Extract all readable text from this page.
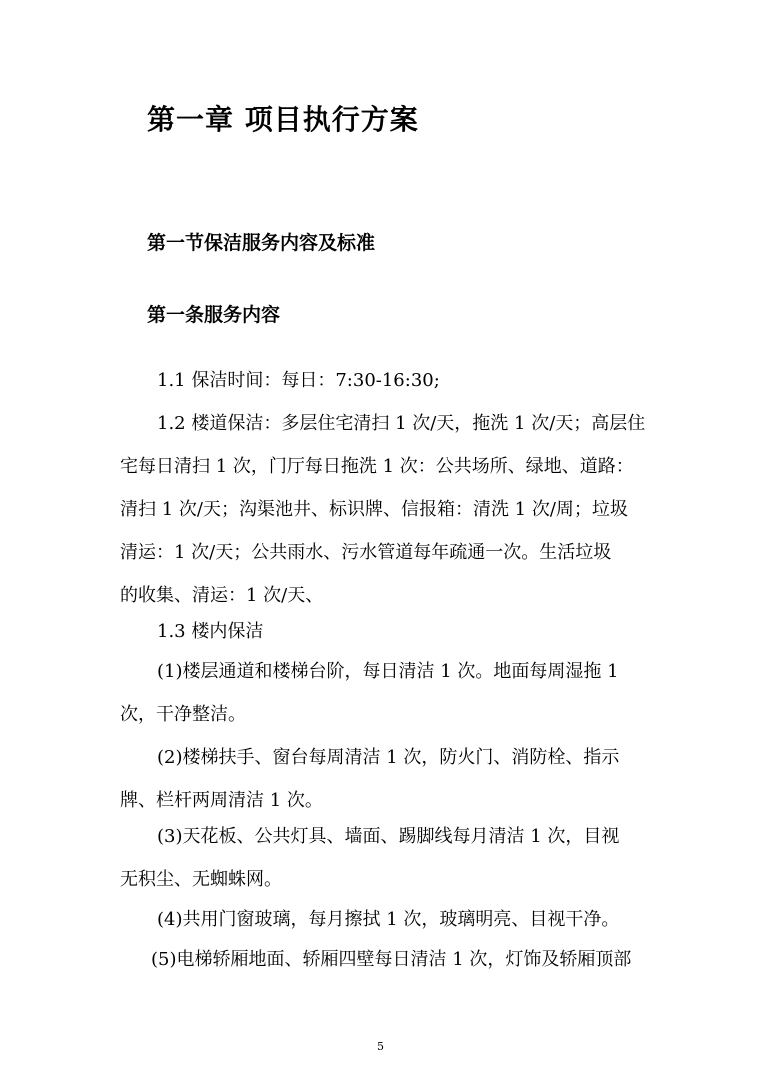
第一章 项目执行方案
第一节保洁服务内容及标准
第一条服务内容
1.1 保洁时间：每日：7:30-16:30;
1.2 楼道保洁：多层住宅清扫 1 次/天，拖洗 1 次/天；高层住
宅每日清扫 1 次，门厅每日拖洗 1 次：公共场所、绿地、道路：
清扫 1 次/天；沟渠池井、标识牌、信报箱：清洗 1 次/周；垃圾
清运：1 次/天；公共雨水、污水管道每年疏通一次。生活垃圾
的收集、清运：1 次/天、
1.3 楼内保洁
(1)楼层通道和楼梯台阶，每日清洁 1 次。地面每周湿拖 1
次，干净整洁。
(2)楼梯扶手、窗台每周清洁 1 次，防火门、消防栓、指示
牌、栏杆两周清洁 1 次。
(3)天花板、公共灯具、墙面、踢脚线每月清洁 1 次，目视
无积尘、无蜘蛛网。
(4)共用门窗玻璃，每月擦拭 1 次，玻璃明亮、目视干净。
(5)电梯轿厢地面、轿厢四壁每日清洁 1 次，灯饰及轿厢顶部
5
